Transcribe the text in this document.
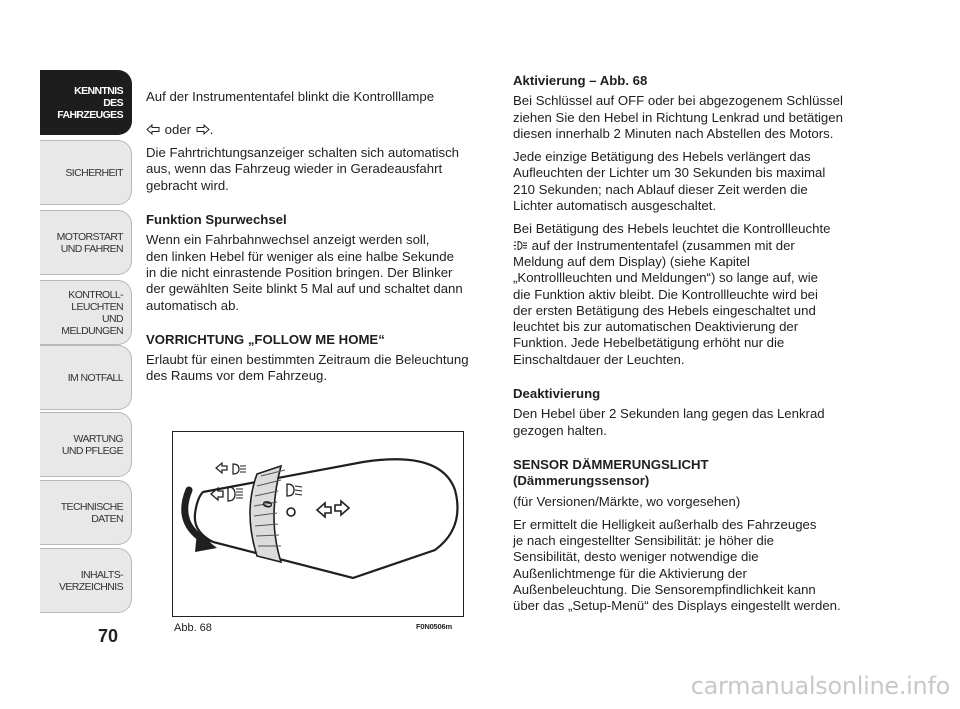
KENNTNIS
DES FAHRZEUGES
SICHERHEIT
MOTORSTART
UND FAHREN
KONTROLL-
LEUCHTEN
UND MELDUNGEN
IM NOTFALL
WARTUNG
UND PFLEGE
TECHNISCHE
DATEN
INHALTS-
VERZEICHNIS
70

Auf der Instrumententafel blinkt die Kontrolllampe

oder .

Die Fahrtrichtungsanzeiger schalten sich automatisch
aus, wenn das Fahrzeug wieder in Geradeausfahrt
gebracht wird.

Funktion Spurwechsel

Wenn ein Fahrbahnwechsel anzeigt werden soll,
den linken Hebel für weniger als eine halbe Sekunde
in die nicht einrastende Position bringen. Der Blinker
der gewählten Seite blinkt 5 Mal auf und schaltet dann
automatisch ab.

VORRICHTUNG „FOLLOW ME HOME“

Erlaubt für einen bestimmten Zeitraum die Beleuchtung
des Raums vor dem Fahrzeug.

Aktivierung – Abb. 68

Bei Schlüssel auf OFF oder bei abgezogenem Schlüssel
ziehen Sie den Hebel in Richtung Lenkrad und betätigen
diesen innerhalb 2 Minuten nach Abstellen des Motors.

Jede einzige Betätigung des Hebels verlängert das
Aufleuchten der Lichter um 30 Sekunden bis maximal
210 Sekunden; nach Ablauf dieser Zeit werden die
Lichter automatisch ausgeschaltet.

Bei Betätigung des Hebels leuchtet die Kontrollleuchte
auf der Instrumententafel (zusammen mit der
Meldung auf dem Display) (siehe Kapitel
„Kontrollleuchten und Meldungen“) so lange auf, wie
die Funktion aktiv bleibt. Die Kontrollleuchte wird bei
der ersten Betätigung des Hebels eingeschaltet und
leuchtet bis zur automatischen Deaktivierung der
Funktion. Jede Hebelbetätigung erhöht nur die
Einschaltdauer der Leuchten.

Deaktivierung

Den Hebel über 2 Sekunden lang gegen das Lenkrad
gezogen halten.

SENSOR DÄMMERUNGSLICHT
(Dämmerungssensor)

(für Versionen/Märkte, wo vorgesehen)

Er ermittelt die Helligkeit außerhalb des Fahrzeuges
je nach eingestellter Sensibilität: je höher die
Sensibilität, desto weniger notwendige die
Außenlichtmenge für die Aktivierung der
Außenbeleuchtung. Die Sensorempfindlichkeit kann
über das „Setup-Menü“ des Displays eingestellt werden.

0
Abb. 68	F0N0506m
carmanualsonline.info
